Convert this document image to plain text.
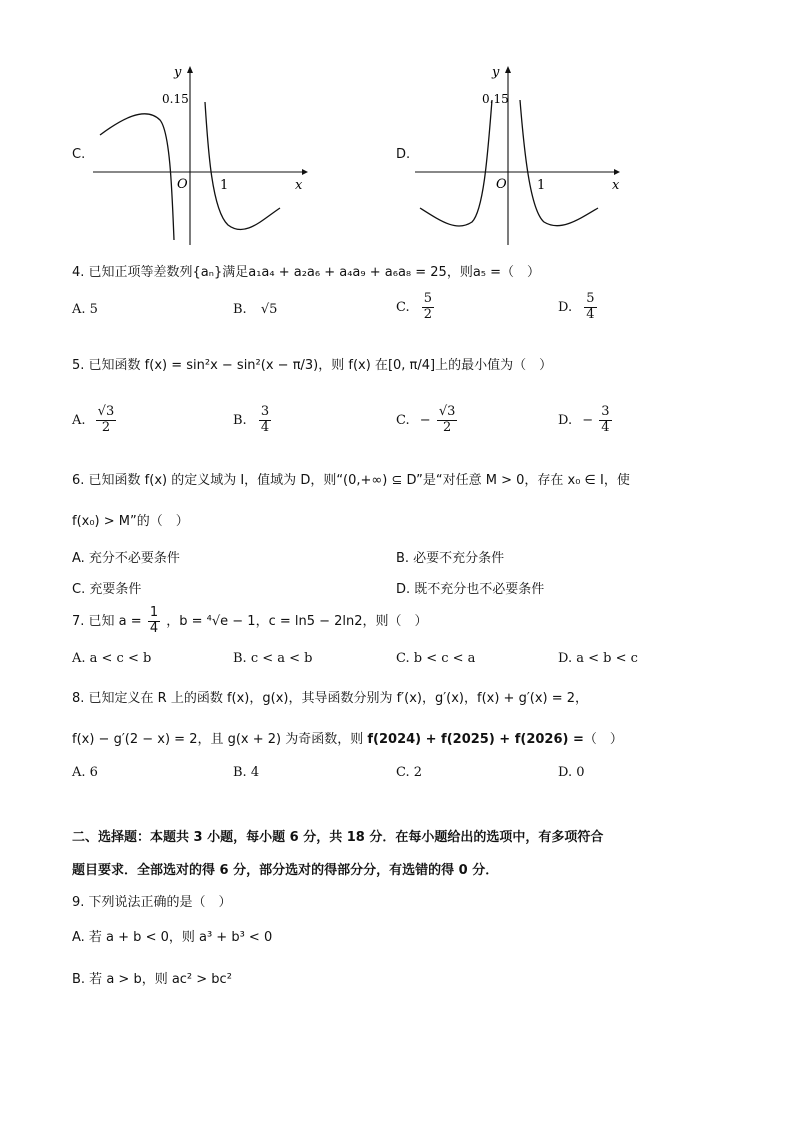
C.
y
x
O
0.15
1
D.
y
x
O
0.15
1
4. 已知正项等差数列{aₙ}满足a₁a₄ + a₂a₆ + a₄a₉ + a₆a₈ = 25，则a₅ =（　）
A. 5	B. √5	C. $\frac{5}{2}$	D. $\frac{5}{4}$
5. 已知函数 f(x) = sin²x − sin²(x − π/3)，则 f(x) 在[0, π/4]上的最小值为（　）
A. $\frac{√3}{2}$	B. $\frac{3}{4}$	C. − $\frac{√3}{2}$	D. − $\frac{3}{4}$
6. 已知函数 f(x) 的定义域为 I，值域为 D，则“(0,+∞) ⊆ D”是“对任意 M > 0，存在 x₀ ∈ I，使
f(x₀) > M”的（　）
A. 充分不必要条件	B. 必要不充分条件
C. 充要条件	D. 既不充分也不必要条件
7. 已知 $a = \frac{1}{4}$ ，b = ⁴√e − 1，c = ln5 − 2ln2，则（　）
A. a < c < b	B. c < a < b	C. b < c < a	D. a < b < c
8. 已知定义在 R 上的函数 f(x)，g(x)，其导函数分别为 f′(x)，g′(x)，f(x) + g′(x) = 2，
f(x) − g′(2 − x) = 2，且 g(x + 2) 为奇函数，则 f(2024) + f(2025) + f(2026) =（　）
A. 6	B. 4	C. 2	D. 0
二、选择题：本题共 3 小题，每小题 6 分，共 18 分．在每小题给出的选项中，有多项符合
题目要求．全部选对的得 6 分，部分选对的得部分分，有选错的得 0 分．
9. 下列说法正确的是（　）
A. 若 a + b < 0，则 a³ + b³ < 0
B. 若 a > b，则 ac² > bc²
